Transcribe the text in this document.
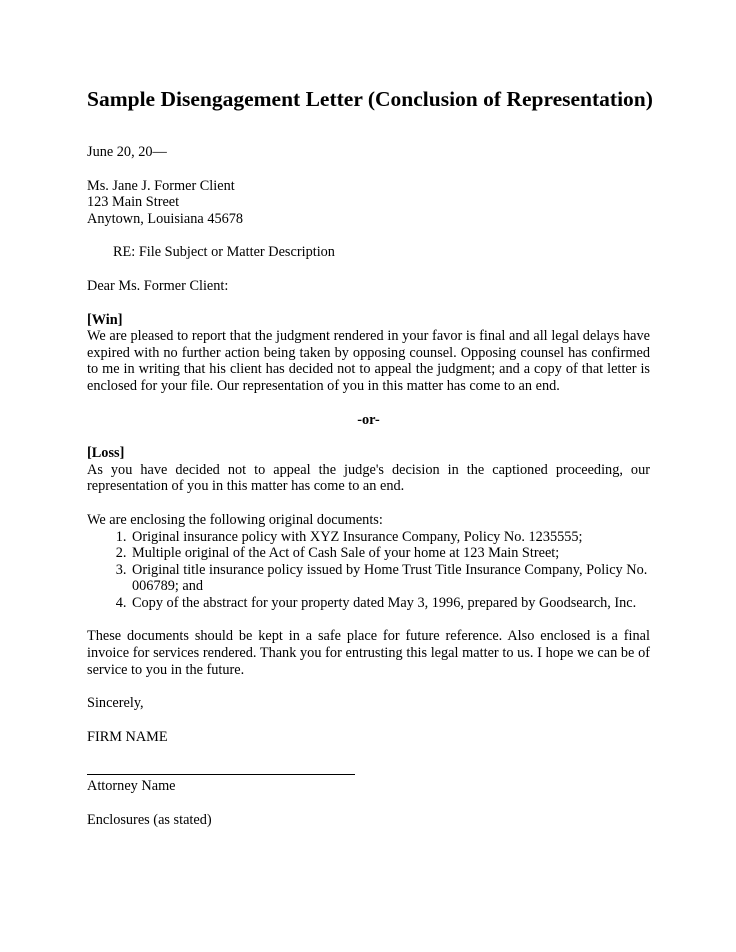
Sample Disengagement Letter (Conclusion of Representation)

June 20, 20—

Ms. Jane J. Former Client
123 Main Street
Anytown, Louisiana 45678

RE: File Subject or Matter Description

Dear Ms. Former Client:

[Win]

We are pleased to report that the judgment rendered in your favor is final and all legal delays have expired with no further action being taken by opposing counsel. Opposing counsel has confirmed to me in writing that his client has decided not to appeal the judgment; and a copy of that letter is enclosed for your file. Our representation of you in this matter has come to an end.

-or-

[Loss]

As you have decided not to appeal the judge's decision in the captioned proceeding, our representation of you in this matter has come to an end.

We are enclosing the following original documents:

1. Original insurance policy with XYZ Insurance Company, Policy No. 1235555;
2. Multiple original of the Act of Cash Sale of your home at 123 Main Street;
3. Original title insurance policy issued by Home Trust Title Insurance Company, Policy No. 006789; and
4. Copy of the abstract for your property dated May 3, 1996, prepared by Goodsearch, Inc.

These documents should be kept in a safe place for future reference. Also enclosed is a final invoice for services rendered. Thank you for entrusting this legal matter to us. I hope we can be of service to you in the future.

Sincerely,

FIRM NAME

Attorney Name

Enclosures (as stated)
